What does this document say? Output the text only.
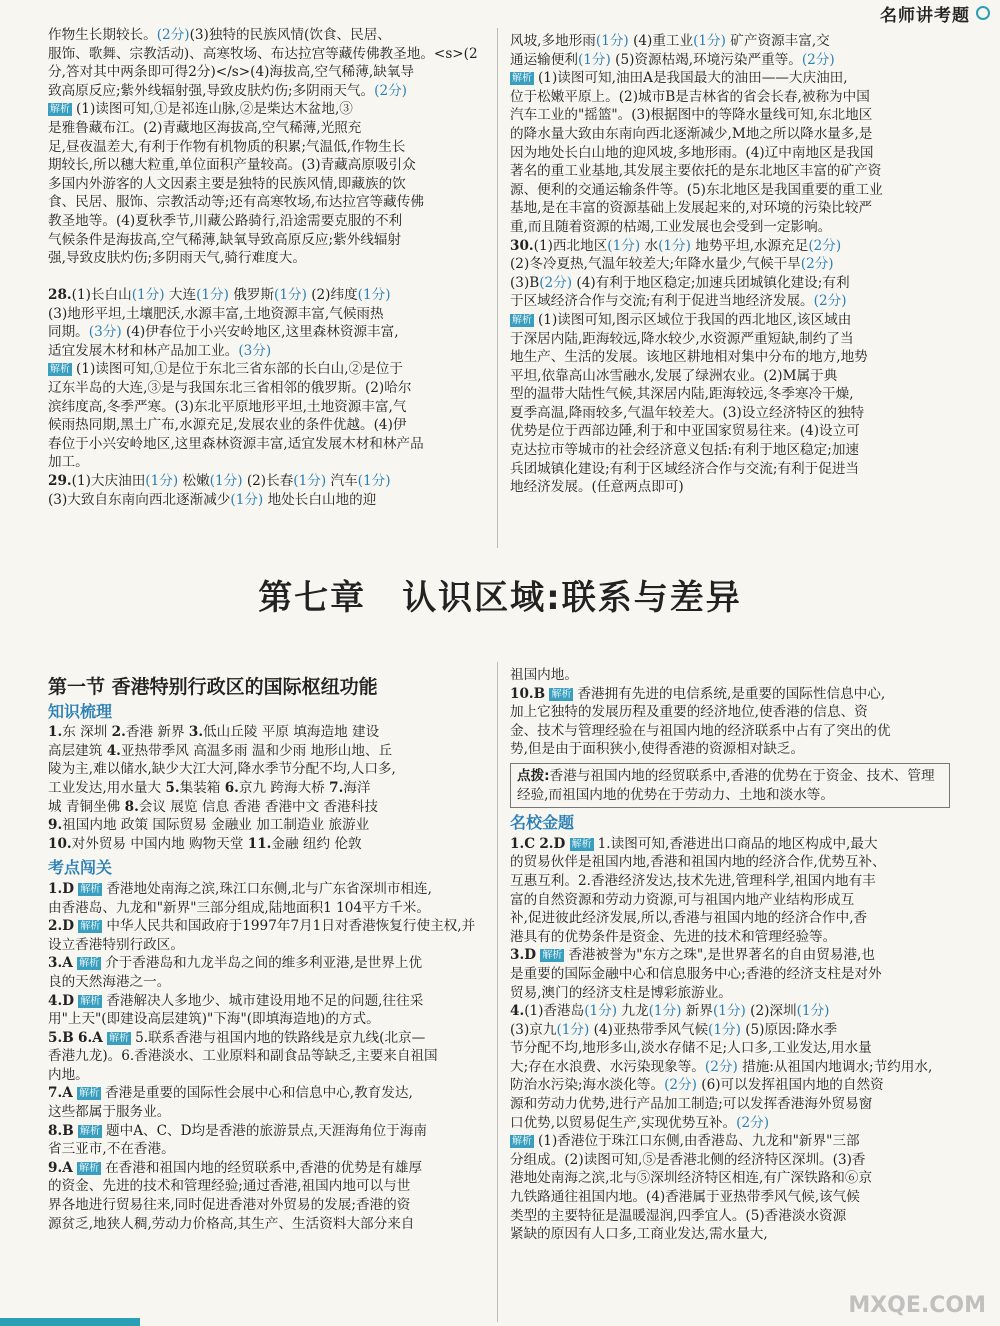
名师讲考题

作物生长期较长。(2分)(3)独特的民族风情(饮食、民居、

服饰、歌舞、宗教活动)、高寒牧场、布达拉宫等藏传佛教圣地。<s>(2

分,答对其中两条即可得2分)</s>(4)海拔高,空气稀薄,缺氧导

致高原反应;紫外线辐射强,导致皮肤灼伤;多阴雨天气。(2分)

解析 (1)读图可知,①是祁连山脉,②是柴达木盆地,③

是雅鲁藏布江。(2)青藏地区海拔高,空气稀薄,光照充

足,昼夜温差大,有利于作物有机物质的积累;气温低,作物生长

期较长,所以穗大粒重,单位面积产量较高。(3)青藏高原吸引众

多国内外游客的人文因素主要是独特的民族风情,即藏族的饮

食、民居、服饰、宗教活动等;还有高寒牧场,布达拉宫等藏传佛

教圣地等。(4)夏秋季节,川藏公路骑行,沿途需要克服的不利

气候条件是海拔高,空气稀薄,缺氧导致高原反应;紫外线辐射

强,导致皮肤灼伤;多阴雨天气,骑行难度大。

28.(1)长白山(1分) 大连(1分) 俄罗斯(1分) (2)纬度(1分)

(3)地形平坦,土壤肥沃,水源丰富,土地资源丰富,气候雨热

同期。(3分) (4)伊春位于小兴安岭地区,这里森林资源丰富,

适宜发展木材和林产品加工业。(3分)

解析 (1)读图可知,①是位于东北三省东部的长白山,②是位于

辽东半岛的大连,③是与我国东北三省相邻的俄罗斯。(2)哈尔

滨纬度高,冬季严寒。(3)东北平原地形平坦,土地资源丰富,气

候雨热同期,黑土广布,水源充足,发展农业的条件优越。(4)伊

春位于小兴安岭地区,这里森林资源丰富,适宜发展木材和林产品

加工。

29.(1)大庆油田(1分) 松嫩(1分) (2)长春(1分) 汽车(1分)

(3)大致自东南向西北逐渐减少(1分) 地处长白山地的迎

风坡,多地形雨(1分) (4)重工业(1分) 矿产资源丰富,交

通运输便利(1分) (5)资源枯竭,环境污染严重等。(2分)

解析 (1)读图可知,油田A是我国最大的油田——大庆油田,

位于松嫩平原上。(2)城市B是吉林省的省会长春,被称为中国

汽车工业的"摇篮"。(3)根据图中的等降水量线可知,东北地区

的降水量大致由东南向西北逐渐减少,M地之所以降水量多,是

因为地处长白山地的迎风坡,多地形雨。(4)辽中南地区是我国

著名的重工业基地,其发展主要依托的是东北地区丰富的矿产资

源、便利的交通运输条件等。(5)东北地区是我国重要的重工业

基地,是在丰富的资源基础上发展起来的,对环境的污染比较严

重,而且随着资源的枯竭,工业发展也会受到一定影响。

30.(1)西北地区(1分) 水(1分) 地势平坦,水源充足(2分)

(2)冬冷夏热,气温年较差大;年降水量少,气候干旱(2分)

(3)B(2分) (4)有利于地区稳定;加速兵团城镇化建设;有利

于区域经济合作与交流;有利于促进当地经济发展。(2分)

解析 (1)读图可知,图示区域位于我国的西北地区,该区域由

于深居内陆,距海较远,降水较少,水资源严重短缺,制约了当

地生产、生活的发展。该地区耕地相对集中分布的地方,地势

平坦,依靠高山冰雪融水,发展了绿洲农业。(2)M属于典

型的温带大陆性气候,其深居内陆,距海较远,冬季寒冷干燥,

夏季高温,降雨较多,气温年较差大。(3)设立经济特区的独特

优势是位于西部边陲,利于和中亚国家贸易往来。(4)设立可

克达拉市等城市的社会经济意义包括:有利于地区稳定;加速

兵团城镇化建设;有利于区域经济合作与交流;有利于促进当

地经济发展。(任意两点即可)

第七章 认识区域:联系与差异

第一节 香港特别行政区的国际枢纽功能

知识梳理

1.东 深圳 2.香港 新界 3.低山丘陵 平原 填海造地 建设

高层建筑 4.亚热带季风 高温多雨 温和少雨 地形山地、丘

陵为主,难以储水,缺少大江大河,降水季节分配不均,人口多,

工业发达,用水量大 5.集装箱 6.京九 跨海大桥 7.海洋

城 青铜坐佛 8.会议 展览 信息 香港 香港中文 香港科技

9.祖国内地 政策 国际贸易 金融业 加工制造业 旅游业

10.对外贸易 中国内地 购物天堂 11.金融 纽约 伦敦

考点闯关

1.D 解析 香港地处南海之滨,珠江口东侧,北与广东省深圳市相连,

由香港岛、九龙和"新界"三部分组成,陆地面积1 104平方千米。

2.D 解析 中华人民共和国政府于1997年7月1日对香港恢复行使主权,并

设立香港特别行政区。

3.A 解析 介于香港岛和九龙半岛之间的维多利亚港,是世界上优

良的天然海港之一。

4.D 解析 香港解决人多地少、城市建设用地不足的问题,往往采

用"上天"(即建设高层建筑)"下海"(即填海造地)的方式。

5.B 6.A 解析 5.联系香港与祖国内地的铁路线是京九线(北京—

香港九龙)。6.香港淡水、工业原料和副食品等缺乏,主要来自祖国

内地。

7.A 解析 香港是重要的国际性会展中心和信息中心,教育发达,

这些都属于服务业。

8.B 解析 题中A、C、D均是香港的旅游景点,天涯海角位于海南

省三亚市,不在香港。

9.A 解析 在香港和祖国内地的经贸联系中,香港的优势是有雄厚

的资金、先进的技术和管理经验;通过香港,祖国内地可以与世

界各地进行贸易往来,同时促进香港对外贸易的发展;香港的资

源贫乏,地狭人稠,劳动力价格高,其生产、生活资料大部分来自

祖国内地。

10.B 解析 香港拥有先进的电信系统,是重要的国际性信息中心,

加上它独特的发展历程及重要的经济地位,使香港的信息、资

金、技术与管理经验在与祖国内地的经济联系中占有了突出的优

势,但是由于面积狭小,使得香港的资源相对缺乏。

点拨:香港与祖国内地的经贸联系中,香港的优势在于资金、技术、管理经验,而祖国内地的优势在于劳动力、土地和淡水等。
名校金题

1.C 2.D 解析 1.读图可知,香港进出口商品的地区构成中,最大

的贸易伙伴是祖国内地,香港和祖国内地的经济合作,优势互补、

互惠互利。2.香港经济发达,技术先进,管理科学,祖国内地有丰

富的自然资源和劳动力资源,可与祖国内地产业结构形成互

补,促进彼此经济发展,所以,香港与祖国内地的经济合作中,香

港具有的优势条件是资金、先进的技术和管理经验等。

3.D 解析 香港被誉为"东方之珠",是世界著名的自由贸易港,也

是重要的国际金融中心和信息服务中心;香港的经济支柱是对外

贸易,澳门的经济支柱是博彩旅游业。

4.(1)香港岛(1分) 九龙(1分) 新界(1分) (2)深圳(1分)

(3)京九(1分) (4)亚热带季风气候(1分) (5)原因:降水季

节分配不均,地形多山,淡水存储不足;人口多,工业发达,用水量

大;存在水浪费、水污染现象等。(2分) 措施:从祖国内地调水;节约用水,

防治水污染;海水淡化等。(2分) (6)可以发挥祖国内地的自然资

源和劳动力优势,进行产品加工制造;可以发挥香港海外贸易窗

口优势,以贸易促生产,实现优势互补。(2分)

解析 (1)香港位于珠江口东侧,由香港岛、九龙和"新界"三部

分组成。(2)读图可知,⑤是香港北侧的经济特区深圳。(3)香

港地处南海之滨,北与⑤深圳经济特区相连,有广深铁路和⑥京

九铁路通往祖国内地。(4)香港属于亚热带季风气候,该气候

类型的主要特征是温暖湿润,四季宜人。(5)香港淡水资源

紧缺的原因有人口多,工商业发达,需水量大,

MXQE.COM
